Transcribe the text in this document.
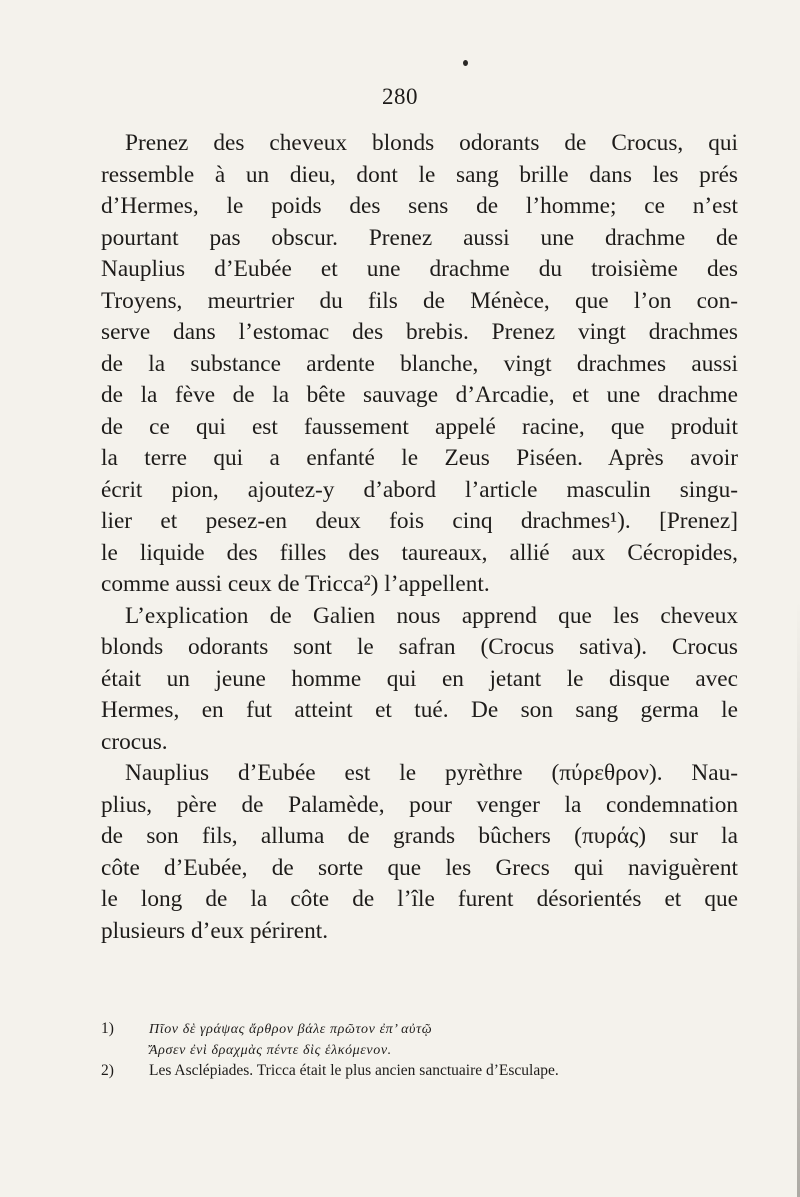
280
Prenez des cheveux blonds odorants de Crocus, qui
ressemble à un dieu, dont le sang brille dans les prés
d’Hermes, le poids des sens de l’homme; ce n’est
pourtant pas obscur. Prenez aussi une drachme de
Nauplius d’Eubée et une drachme du troisième des
Troyens, meurtrier du fils de Ménèce, que l’on con-
serve dans l’estomac des brebis. Prenez vingt drachmes
de la substance ardente blanche, vingt drachmes aussi
de la fève de la bête sauvage d’Arcadie, et une drachme
de ce qui est faussement appelé racine, que produit
la terre qui a enfanté le Zeus Piséen. Après avoir
écrit pion, ajoutez-y d’abord l’article masculin singu-
lier et pesez-en deux fois cinq drachmes¹). [Prenez]
le liquide des filles des taureaux, allié aux Cécropides,
comme aussi ceux de Tricca²) l’appellent.
L’explication de Galien nous apprend que les cheveux
blonds odorants sont le safran (Crocus sativa). Crocus
était un jeune homme qui en jetant le disque avec
Hermes, en fut atteint et tué. De son sang germa le
crocus.
Nauplius d’Eubée est le pyrèthre (πύρεθρον). Nau-
plius, père de Palamède, pour venger la condemnation
de son fils, alluma de grands bûchers (πυράς) sur la
côte d’Eubée, de sorte que les Grecs qui naviguèrent
le long de la côte de l’île furent désorientés et que
plusieurs d’eux périrent.
1)	Πῖον δὲ γράψας ἄρθρον βάλε πρῶτον ἐπ’ αὐτῷ
Ἄρσεν ἐνὶ δραχμὰς πέντε δὶς ἑλκόμενον.
2) Les Asclépiades. Tricca était le plus ancien sanctuaire d’Esculape.
